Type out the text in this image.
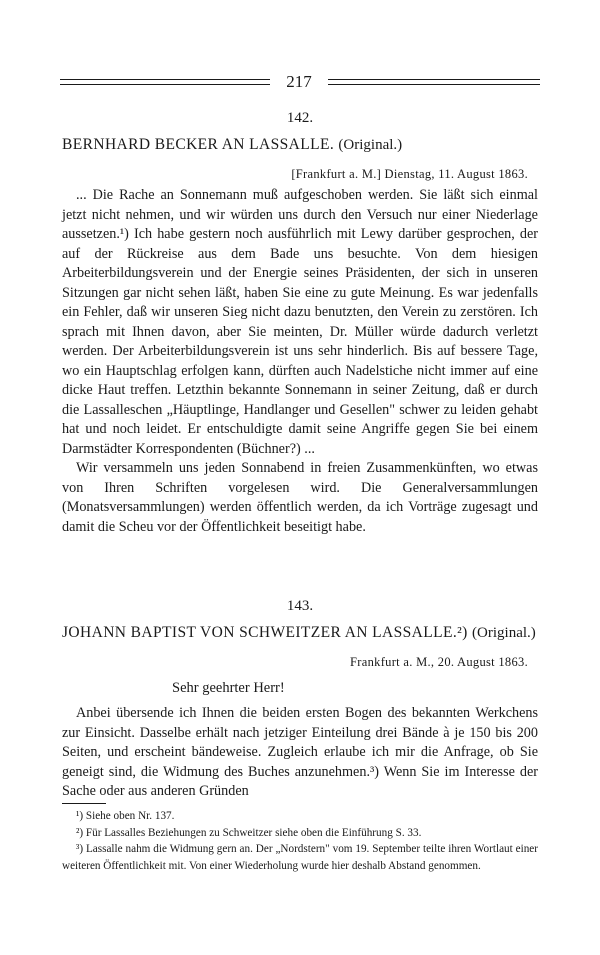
217
142.
BERNHARD BECKER AN LASSALLE. (Original.)
[Frankfurt a. M.] Dienstag, 11. August 1863.

... Die Rache an Sonnemann muß aufgeschoben werden. Sie läßt sich einmal jetzt nicht nehmen, und wir würden uns durch den Versuch nur einer Niederlage aussetzen.¹) Ich habe gestern noch ausführlich mit Lewy darüber gesprochen, der auf der Rückreise aus dem Bade uns besuchte. Von dem hiesigen Arbeiterbildungsverein und der Energie seines Präsidenten, der sich in unseren Sitzungen gar nicht sehen läßt, haben Sie eine zu gute Meinung. Es war jedenfalls ein Fehler, daß wir unseren Sieg nicht dazu benutzten, den Verein zu zerstören. Ich sprach mit Ihnen davon, aber Sie meinten, Dr. Müller würde dadurch verletzt werden. Der Arbeiterbildungsverein ist uns sehr hinderlich. Bis auf bessere Tage, wo ein Hauptschlag erfolgen kann, dürften auch Nadelstiche nicht immer auf eine dicke Haut treffen. Letzthin bekannte Sonnemann in seiner Zeitung, daß er durch die Lassalleschen „Häuptlinge, Handlanger und Gesellen" schwer zu leiden gehabt hat und noch leidet. Er entschuldigte damit seine Angriffe gegen Sie bei einem Darmstädter Korrespondenten (Büchner?) ...

Wir versammeln uns jeden Sonnabend in freien Zusammenkünften, wo etwas von Ihren Schriften vorgelesen wird. Die Generalversammlungen (Monatsversammlungen) werden öffentlich werden, da ich Vorträge zugesagt und damit die Scheu vor der Öffentlichkeit beseitigt habe.

143.
JOHANN BAPTIST VON SCHWEITZER AN LASSALLE.²) (Original.)
Frankfurt a. M., 20. August 1863.
Sehr geehrter Herr!

Anbei übersende ich Ihnen die beiden ersten Bogen des bekannten Werkchens zur Einsicht. Dasselbe erhält nach jetziger Einteilung drei Bände à je 150 bis 200 Seiten, und erscheint bändeweise. Zugleich erlaube ich mir die Anfrage, ob Sie geneigt sind, die Widmung des Buches anzunehmen.³) Wenn Sie im Interesse der Sache oder aus anderen Gründen

¹) Siehe oben Nr. 137.

²) Für Lassalles Beziehungen zu Schweitzer siehe oben die Einführung S. 33.

³) Lassalle nahm die Widmung gern an. Der „Nordstern" vom 19. September teilte ihren Wortlaut einer weiteren Öffentlichkeit mit. Von einer Wiederholung wurde hier deshalb Abstand genommen.
